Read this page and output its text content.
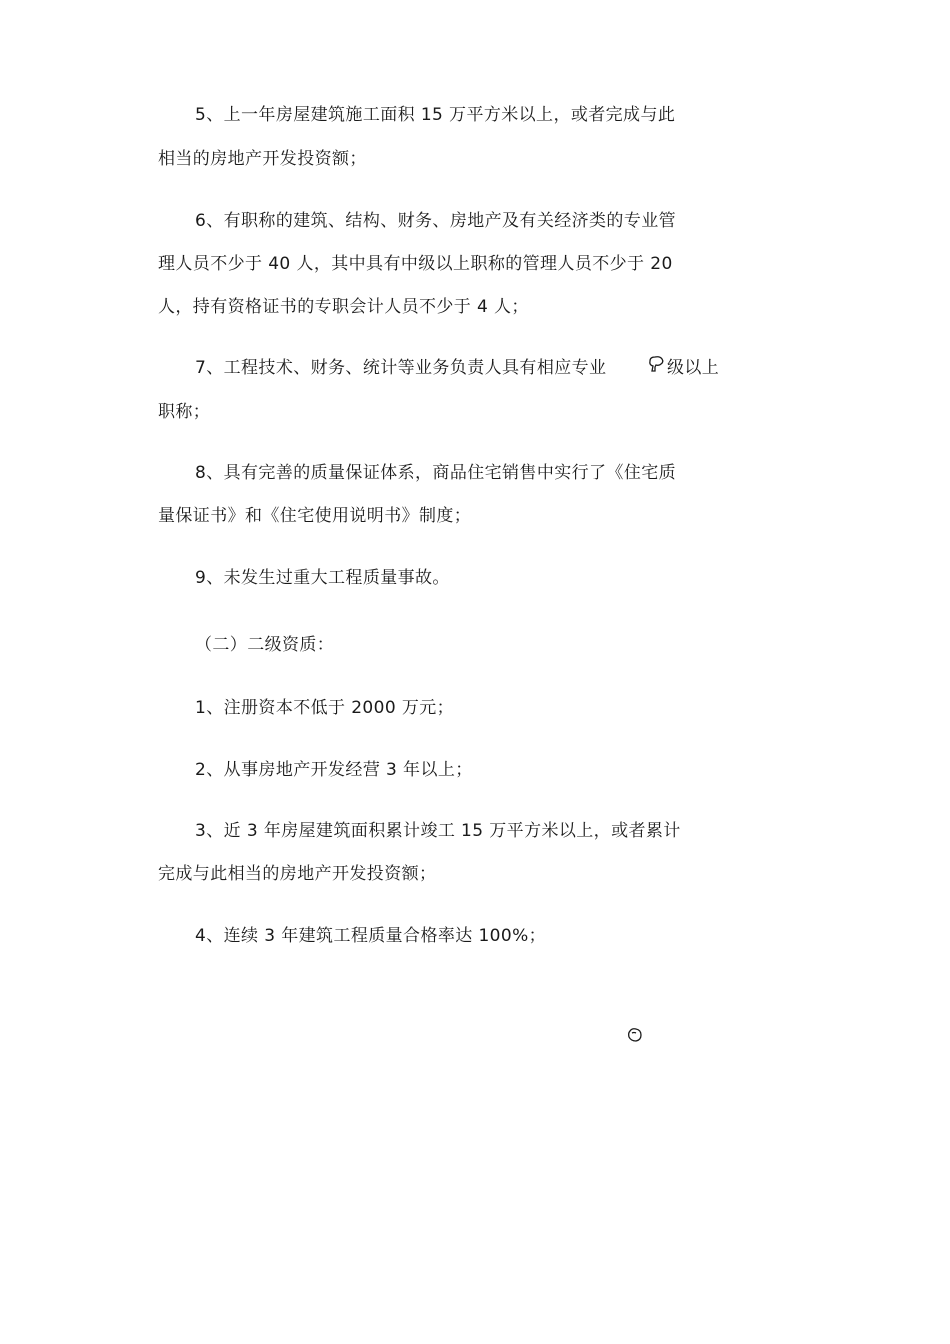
5、上一年房屋建筑施工面积 15 万平方米以上，或者完成与此
相当的房地产开发投资额；
6、有职称的建筑、结构、财务、房地产及有关经济类的专业管
理人员不少于 40 人，其中具有中级以上职称的管理人员不少于 20
人，持有资格证书的专职会计人员不少于 4 人；
7、工程技术、财务、统计等业务负责人具有相应专业	级以上
职称；
8、具有完善的质量保证体系，商品住宅销售中实行了《住宅质
量保证书》和《住宅使用说明书》制度；
9、未发生过重大工程质量事故。
（二）二级资质：
1、注册资本不低于 2000 万元；
2、从事房地产开发经营 3 年以上；
3、近 3 年房屋建筑面积累计竣工 15 万平方米以上，或者累计
完成与此相当的房地产开发投资额；
4、连续 3 年建筑工程质量合格率达 100%；
